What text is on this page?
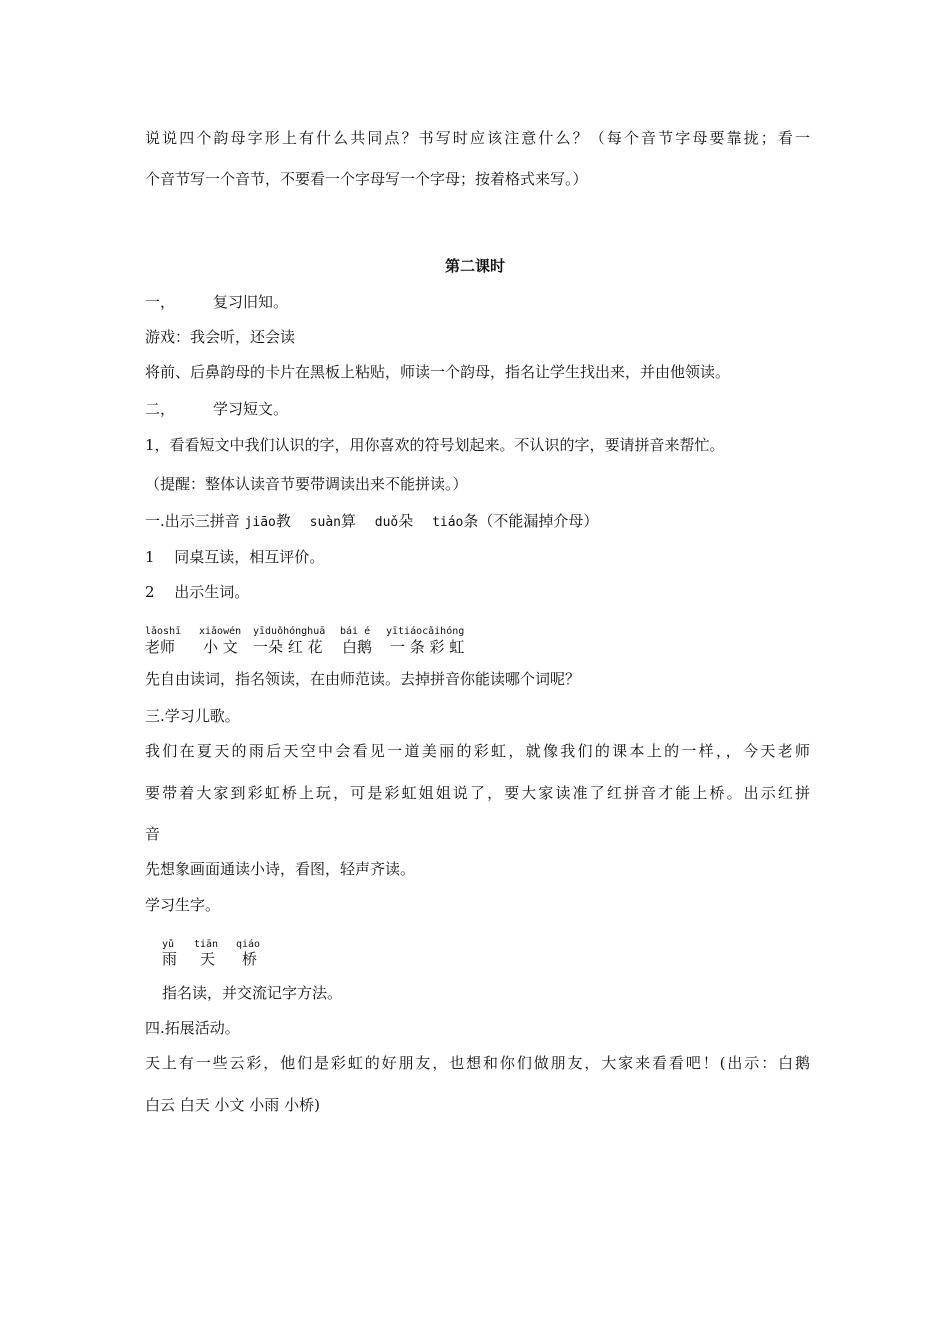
说说四个韵母字形上有什么共同点？书写时应该注意什么？（每个音节字母要靠拢；看一
个音节写一个音节，不要看一个字母写一个字母；按着格式来写。）
第二课时
一，	复习旧知。
游戏：我会听，还会读
将前、后鼻韵母的卡片在黑板上粘贴，师读一个韵母，指名让学生找出来，并由他领读。
二，	学习短文。
1，看看短文中我们认识的字，用你喜欢的符号划起来。不认识的字，要请拼音来帮忙。
（提醒：整体认读音节要带调读出来不能拼读。）
一.出示三拼音 jiāo教 suàn算 duǒ朵 tiáo条（不能漏掉介母）
1　 同桌互读，相互评价。
2　 出示生词。

lǎoshī

xiǎowén

yīduǒhónghuā

bái é

yītiáocǎihóng

老师

小 文

一朵 红 花

白鹅

一 条 彩 虹

先自由读词，指名领读，在由师范读。去掉拼音你能读哪个词呢？
三.学习儿歌。
我们在夏天的雨后天空中会看见一道美丽的彩虹，就像我们的课本上的一样，，今天老师
要带着大家到彩虹桥上玩，可是彩虹姐姐说了，要大家读准了红拼音才能上桥。出示红拼
音
先想象画面通读小诗，看图，轻声齐读。
学习生字。

yǔ

tiān

qiáo

雨

天

桥

指名读，并交流记字方法。
四.拓展活动。
天上有一些云彩，他们是彩虹的好朋友，也想和你们做朋友，大家来看看吧！(出示：白鹅
白云 白天 小文 小雨 小桥)
